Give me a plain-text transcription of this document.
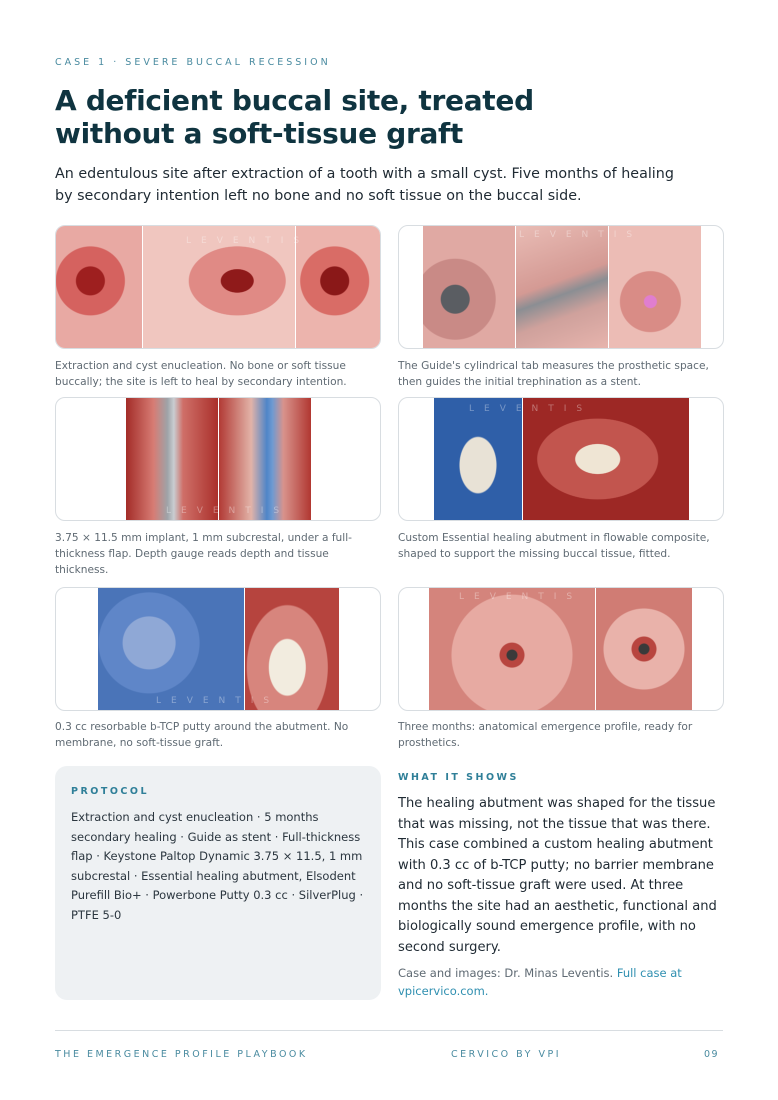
CASE 1 · SEVERE BUCCAL RECESSION
A deficient buccal site, treated
without a soft-tissue graft
An edentulous site after extraction of a tooth with a small cyst. Five months of healing by secondary intention left no bone and no soft tissue on the buccal side.
LEVENTIS
Extraction and cyst enucleation. No bone or soft tissue buccally; the site is left to heal by secondary intention.
LEVENTIS
The Guide's cylindrical tab measures the prosthetic space, then guides the initial trephination as a stent.
LEVENTIS
3.75 × 11.5 mm implant, 1 mm subcrestal, under a full-thickness flap. Depth gauge reads depth and tissue thickness.
LEVENTIS
Custom Essential healing abutment in flowable composite, shaped to support the missing buccal tissue, fitted.
LEVENTIS
0.3 cc resorbable b-TCP putty around the abutment. No membrane, no soft-tissue graft.
LEVENTIS
Three months: anatomical emergence profile, ready for prosthetics.
PROTOCOL
Extraction and cyst enucleation · 5 months secondary healing · Guide as stent · Full-thickness flap · Keystone Paltop Dynamic 3.75 × 11.5, 1 mm subcrestal · Essential healing abutment, Elsodent Purefill Bio+ · Powerbone Putty 0.3 cc · SilverPlug · PTFE 5-0
WHAT IT SHOWS
The healing abutment was shaped for the tissue that was missing, not the tissue that was there. This case combined a custom healing abutment with 0.3 cc of b-TCP putty; no barrier membrane and no soft-tissue graft were used. At three months the site had an aesthetic, functional and biologically sound emergence profile, with no second surgery.
Case and images: Dr. Minas Leventis. Full case at vpicervico.com.
THE EMERGENCE PROFILE PLAYBOOK	CERVICO BY VPI	09
